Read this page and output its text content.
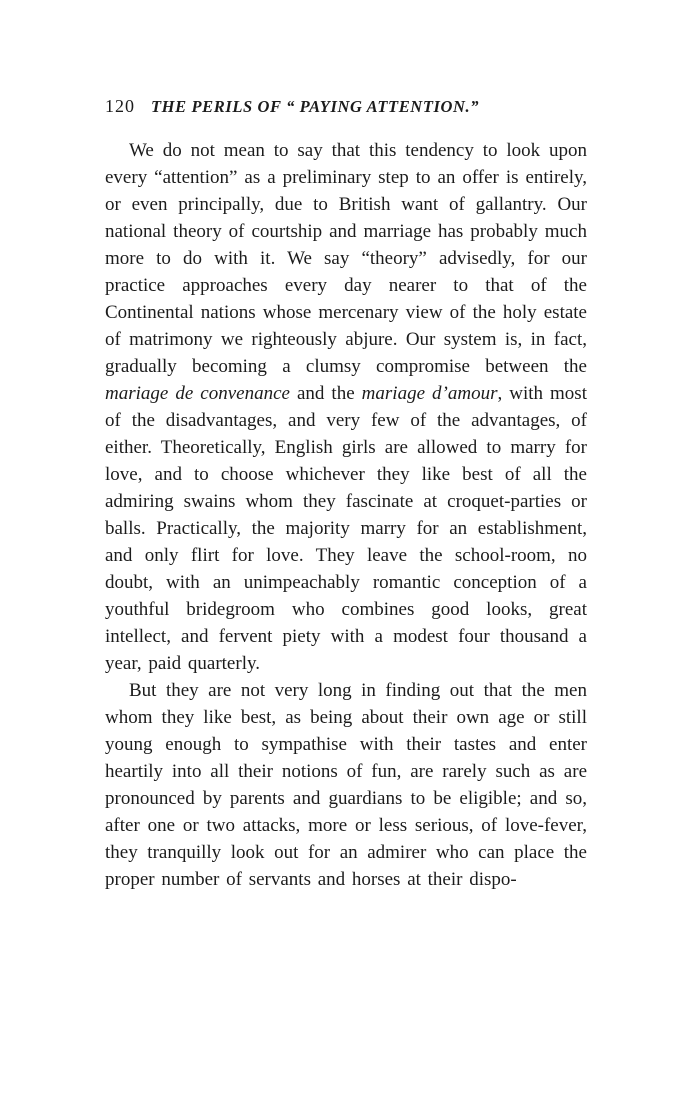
120 THE PERILS OF “ PAYING ATTENTION.”

We do not mean to say that this tendency to look upon every “attention” as a preliminary step to an offer is entirely, or even principally, due to British want of gallantry. Our national theory of courtship and marriage has probably much more to do with it. We say “theory” advisedly, for our practice approaches every day nearer to that of the Continental nations whose mercenary view of the holy estate of matrimony we righteously abjure. Our system is, in fact, gradually becoming a clumsy compromise between the mariage de convenance and the mariage d’amour, with most of the disadvantages, and very few of the advantages, of either. Theoretically, English girls are allowed to marry for love, and to choose whichever they like best of all the admiring swains whom they fascinate at croquet-parties or balls. Practically, the majority marry for an establishment, and only flirt for love. They leave the school-room, no doubt, with an unimpeachably romantic conception of a youthful bridegroom who combines good looks, great intellect, and fervent piety with a modest four thousand a year, paid quarterly.

But they are not very long in finding out that the men whom they like best, as being about their own age or still young enough to sympathise with their tastes and enter heartily into all their notions of fun, are rarely such as are pronounced by parents and guardians to be eligible; and so, after one or two attacks, more or less serious, of love-fever, they tranquilly look out for an admirer who can place the proper number of servants and horses at their dispo-
